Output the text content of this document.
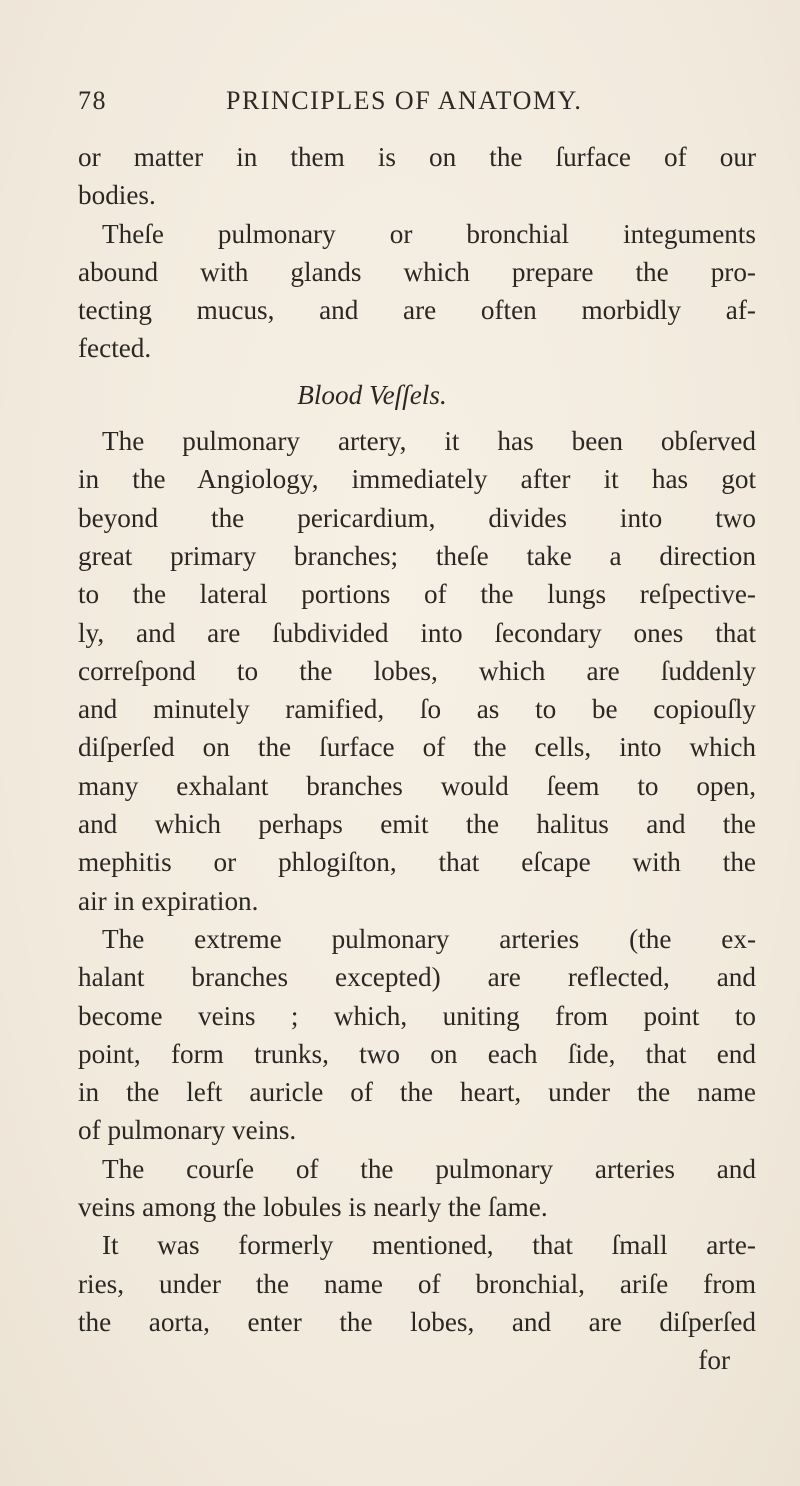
78	PRINCIPLES OF ANATOMY.
or matter in them is on the ſurface of our
bodies.
Theſe pulmonary or bronchial integuments
abound with glands which prepare the pro-
tecting mucus, and are often morbidly af-
fected.
Blood Veſſels.
The pulmonary artery, it has been obſerved
in the Angiology, immediately after it has got
beyond the pericardium, divides into two
great primary branches; theſe take a direction
to the lateral portions of the lungs reſpective-
ly, and are ſubdivided into ſecondary ones that
correſpond to the lobes, which are ſuddenly
and minutely ramified, ſo as to be copiouſly
diſperſed on the ſurface of the cells, into which
many exhalant branches would ſeem to open,
and which perhaps emit the halitus and the
mephitis or phlogiſton, that eſcape with the
air in expiration.
The extreme pulmonary arteries (the ex-
halant branches excepted) are reflected, and
become veins ; which, uniting from point to
point, form trunks, two on each ſide, that end
in the left auricle of the heart, under the name
of pulmonary veins.
The courſe of the pulmonary arteries and
veins among the lobules is nearly the ſame.
It was formerly mentioned, that ſmall arte-
ries, under the name of bronchial, ariſe from
the aorta, enter the lobes, and are diſperſed
for
